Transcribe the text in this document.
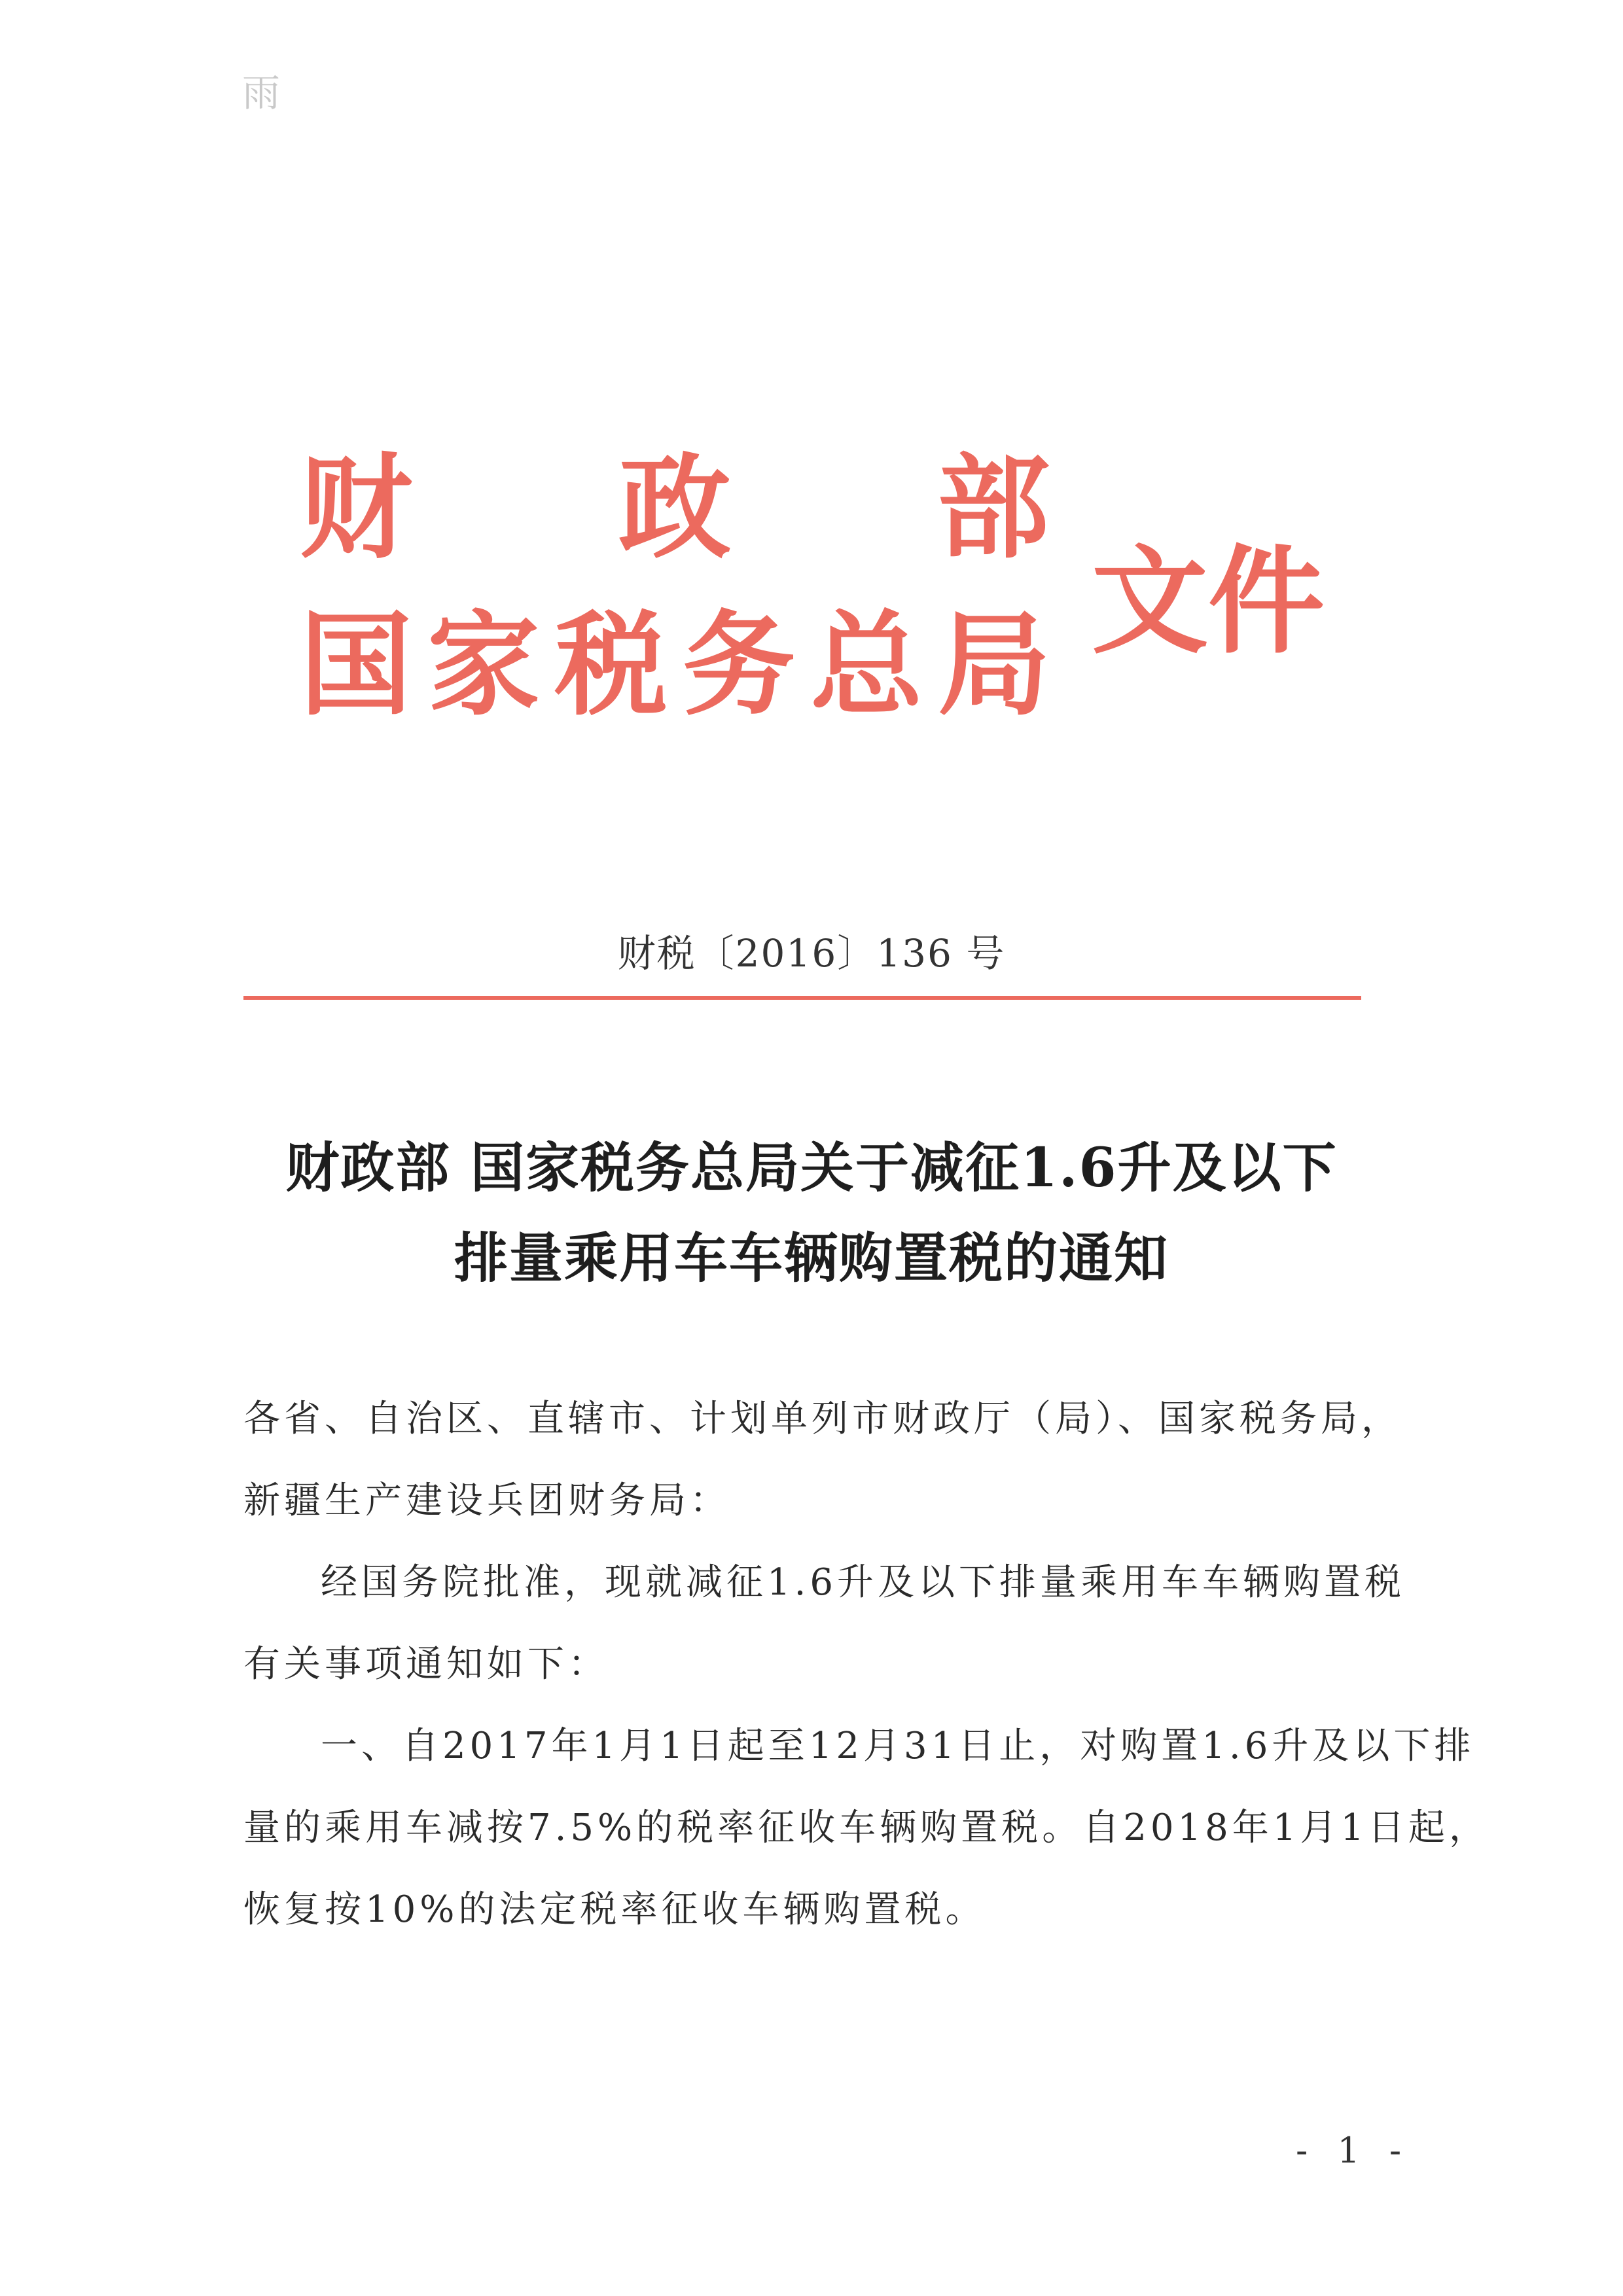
雨
财 政 部
国 家 税 务 总 局 文件
财税〔2016〕136 号
财政部 国家税务总局关于减征1.6升及以下
排量乘用车车辆购置税的通知
各省、自治区、直辖市、计划单列市财政厅（局）、国家税务局，
新疆生产建设兵团财务局：
经国务院批准，现就减征1.6升及以下排量乘用车车辆购置税
有关事项通知如下：
一、自2017年1月1日起至12月31日止，对购置1.6升及以下排
量的乘用车减按7.5%的税率征收车辆购置税。自2018年1月1日起，
恢复按10%的法定税率征收车辆购置税。
- 1 -
